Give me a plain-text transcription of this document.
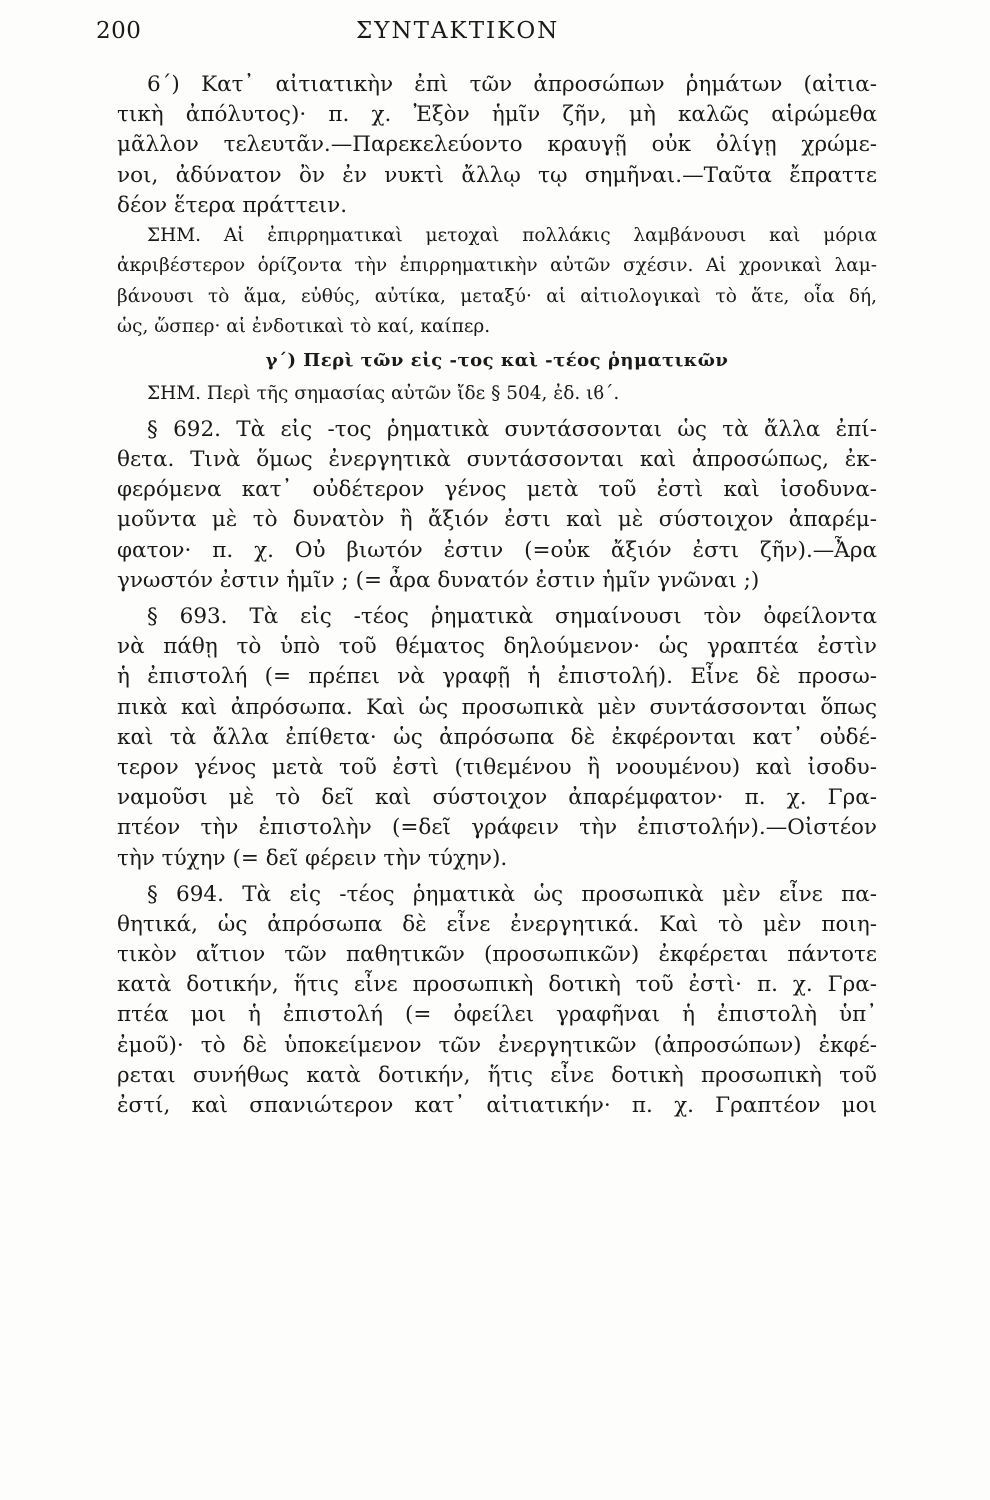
200	ΣΥΝΤΑΚΤΙΚΟΝ
6΄) Κατ᾽ αἰτιατικὴν ἐπὶ τῶν ἀπροσώπων ῥημάτων (αἰτια-
τικὴ ἀπόλυτος)· π. χ. Ἐξὸν ἡμῖν ζῆν, μὴ καλῶς αἱρώμεθα
μᾶλλον τελευτᾶν.—Παρεκελεύοντο κραυγῇ οὐκ ὀλίγῃ χρώμε-
νοι, ἀδύνατον ὂν ἐν νυκτὶ ἄλλῳ τῳ σημῆναι.—Ταῦτα ἔπραττε
δέον ἕτερα πράττειν.
ΣΗΜ. Αἱ ἐπιρρηματικαὶ μετοχαὶ πολλάκις λαμβάνουσι καὶ μόρια
ἀκριβέστερον ὁρίζοντα τὴν ἐπιρρηματικὴν αὐτῶν σχέσιν. Αἱ χρονικαὶ λαμ-
βάνουσι τὸ ἅμα, εὐθύς, αὐτίκα, μεταξύ· αἱ αἰτιολογικαὶ τὸ ἅτε, οἷα δή,
ὡς, ὥσπερ· αἱ ἐνδοτικαὶ τὸ καί, καίπερ.
γ΄) Περὶ τῶν εἰς -τος καὶ -τέος ῥηματικῶν
ΣΗΜ. Περὶ τῆς σημασίας αὐτῶν ἴδε § 504, ἐδ. ιϐ΄.
§ 692. Τὰ εἰς -τος ῥηματικὰ συντάσσονται ὡς τὰ ἄλλα ἐπί-
θετα. Τινὰ ὅμως ἐνεργητικὰ συντάσσονται καὶ ἀπροσώπως, ἐκ-
φερόμενα κατ᾽ οὐδέτερον γένος μετὰ τοῦ ἐστὶ καὶ ἰσοδυνα-
μοῦντα μὲ τὸ δυνατὸν ἢ ἄξιόν ἐστι καὶ μὲ σύστοιχον ἀπαρέμ-
φατον· π. χ. Οὐ βιωτόν ἐστιν (=οὐκ ἄξιόν ἐστι ζῆν).—Ἆρα
γνωστόν ἐστιν ἡμῖν ; (= ἆρα δυνατόν ἐστιν ἡμῖν γνῶναι ;)
§ 693. Τὰ εἰς -τέος ῥηματικὰ σημαίνουσι τὸν ὀφείλοντα
νὰ πάθῃ τὸ ὑπὸ τοῦ θέματος δηλούμενον· ὡς γραπτέα ἐστὶν
ἡ ἐπιστολή (= πρέπει νὰ γραφῇ ἡ ἐπιστολή). Εἶνε δὲ προσω-
πικὰ καὶ ἀπρόσωπα. Καὶ ὡς προσωπικὰ μὲν συντάσσονται ὅπως
καὶ τὰ ἄλλα ἐπίθετα· ὡς ἀπρόσωπα δὲ ἐκφέρονται κατ᾽ οὐδέ-
τερον γένος μετὰ τοῦ ἐστὶ (τιθεμένου ἢ νοουμένου) καὶ ἰσοδυ-
ναμοῦσι μὲ τὸ δεῖ καὶ σύστοιχον ἀπαρέμφατον· π. χ. Γρα-
πτέον τὴν ἐπιστολὴν (=δεῖ γράφειν τὴν ἐπιστολήν).—Οἰστέον
τὴν τύχην (= δεῖ φέρειν τὴν τύχην).
§ 694. Τὰ εἰς -τέος ῥηματικὰ ὡς προσωπικὰ μὲν εἶνε πα-
θητικά, ὡς ἀπρόσωπα δὲ εἶνε ἐνεργητικά. Καὶ τὸ μὲν ποιη-
τικὸν αἴτιον τῶν παθητικῶν (προσωπικῶν) ἐκφέρεται πάντοτε
κατὰ δοτικήν, ἥτις εἶνε προσωπικὴ δοτικὴ τοῦ ἐστὶ· π. χ. Γρα-
πτέα μοι ἡ ἐπιστολή (= ὀφείλει γραφῆναι ἡ ἐπιστολὴ ὑπ᾽
ἐμοῦ)· τὸ δὲ ὑποκείμενον τῶν ἐνεργητικῶν (ἀπροσώπων) ἐκφέ-
ρεται συνήθως κατὰ δοτικήν, ἥτις εἶνε δοτικὴ προσωπικὴ τοῦ
ἐστί, καὶ σπανιώτερον κατ᾽ αἰτιατικήν· π. χ. Γραπτέον μοι
